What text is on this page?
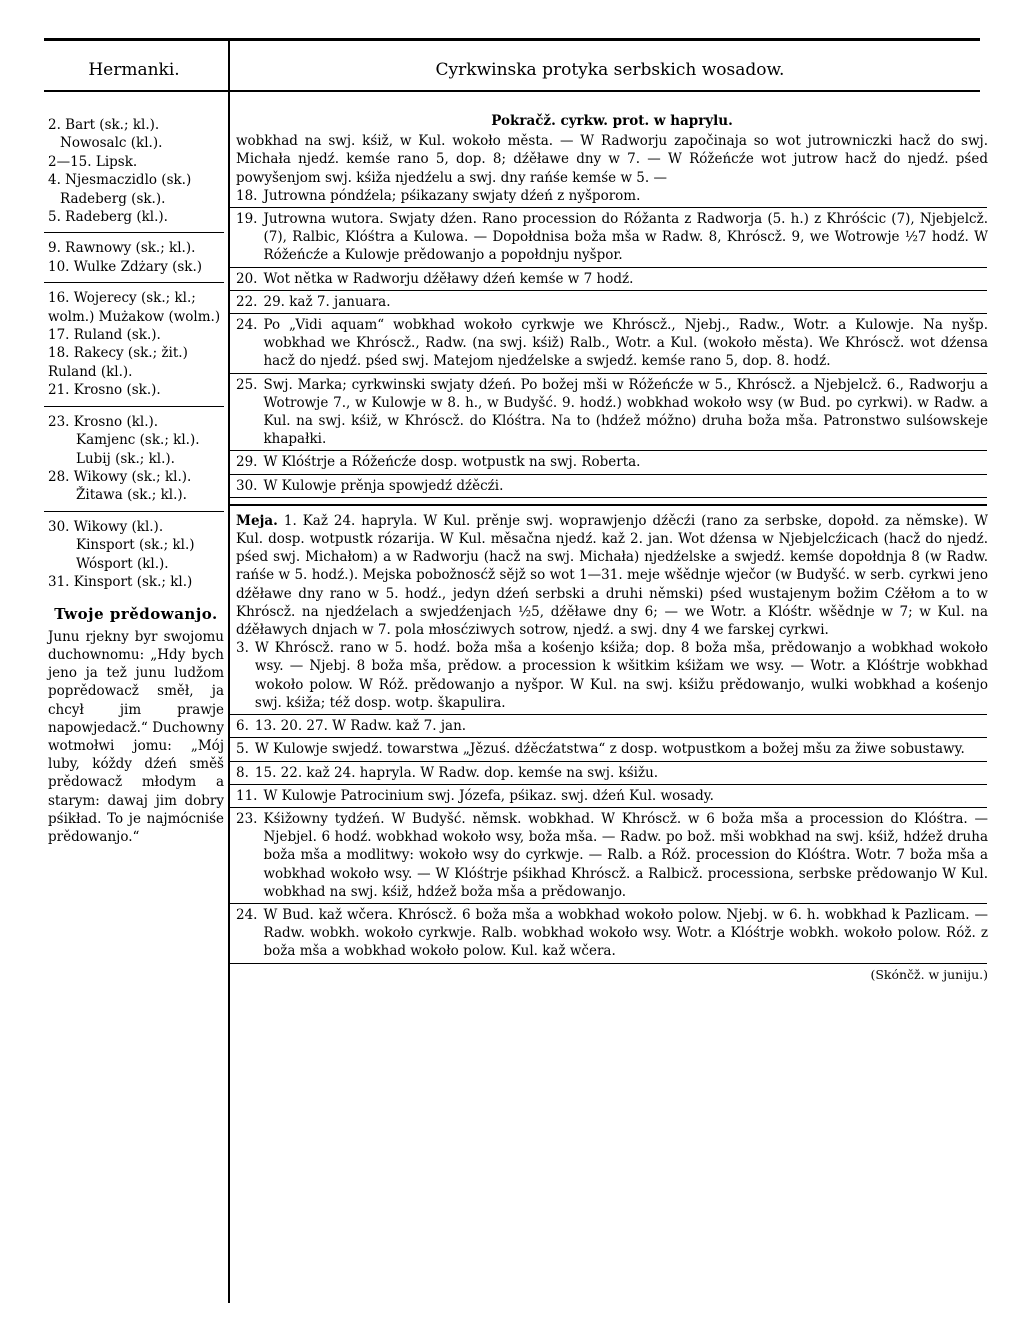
Hermanki.	Cyrkwinska protyka serbskich wosadow.
2. Bart (sk.; kl.).
Nowosalc (kl.).
2—15. Lipsk.
4. Njesmaczidlo (sk.)
Radeberg (sk.).
5. Radeberg (kl.).
9. Rawnowy (sk.; kl.).
10. Wulke Zdżary (sk.)
16. Wojerecy (sk.; kl.; wolm.) Mużakow (wolm.)
17. Ruland (sk.).
18. Rakecy (sk.; žit.) Ruland (kl.).
21. Krosno (sk.).
23. Krosno (kl.).
Kamjenc (sk.; kl.).
Lubij (sk.; kl.).
28. Wikowy (sk.; kl.).
Žitawa (sk.; kl.).
30. Wikowy (kl.).
Kinsport (sk.; kl.)
Wósport (kl.).
31. Kinsport (sk.; kl.)
Twoje prědowanjo.
Junu rjekny byr swojomu duchownomu: „Hdy bych jeno ja tež junu ludžom poprědowacž směł, ja chcył jim prawje napowjedacž.“ Duchowny wotmołwi jomu: „Mój luby, kóždy dźeń směš prědowacž młodym a starym: dawaj jim dobry pśikład. To je najmócniśe prědowanjo.“
Pokračž. cyrkw. prot. w haprylu.
wobkhad na swj. kśiž, w Kul. wokoło města. — W Radworju započinaja so wot jutrowniczki hacž do swj. Michała njedź. kemśe rano 5, dop. 8; dźěławe dny w 7. — W Róžeńcźe wot jutrow hacž do njedź. pśed powyšenjom swj. kśiža njedźelu a swj. dny rańśe kemśe w 5. —
18. Jutrowna póndźela; pśikazany swjaty dźeń z nyšporom.
19. Jutrowna wutora. Swjaty dźen. Rano procession do Róžanta z Radworja (5. h.) z Khróścic (7), Njebjelcž. (7), Ralbic, Klóśtra a Kulowa. — Dopołdnisa boža mša w Radw. 8, Khróscž. 9, we Wotrowje ½7 hodź. W Róžeńcźe a Kulowje prědowanjo a popołdnju nyšpor.
20. Wot nětka w Radworju dźěławy dźeń kemśe w 7 hodź.
22. 29. kaž 7. januara.
24. Po „Vidi aquam“ wobkhad wokoło cyrkwje we Khróscž., Njebj., Radw., Wotr. a Kulowje. Na nyšp. wobkhad we Khróscž., Radw. (na swj. kśiž) Ralb., Wotr. a Kul. (wokoło města). We Khróscž. wot dźensa hacž do njedź. pśed swj. Matejom njedźelske a swjedź. kemśe rano 5, dop. 8. hodź.
25. Swj. Marka; cyrkwinski swjaty dźeń. Po božej mši w Róžeńcźe w 5., Khróscž. a Njebjelcž. 6., Radworju a Wotrowje 7., w Kulowje w 8. h., w Budyšć. 9. hodź.) wobkhad wokoło wsy (w Bud. po cyrkwi). w Radw. a Kul. na swj. kśiž, w Khróscž. do Klóśtra. Na to (hdźež móžno) druha boža mša. Patronstwo sulśowskeje khapałki.
29. W Klóśtrje a Róžeńcźe dosp. wotpustk na swj. Roberta.
30. W Kulowje prěnja spowjedź dźěcźi.
Meja. 1. Kaž 24. hapryla. W Kul. prěnje swj. woprawjenjo dźěcźi (rano za serbske, dopołd. za němske). W Kul. dosp. wotpustk rózarija. W Kul. měsačna njedź. kaž 2. jan. Wot dźensa w Njebjelcźicach (hacž do njedź. pśed swj. Michałom) a w Radworju (hacž na swj. Michała) njedźelske a swjedź. kemśe dopołdnja 8 (w Radw. rańśe w 5. hodź.). Mejska pobožnosćž sějž so wot 1—31. meje wšědnje wječor (w Budyšć. w serb. cyrkwi jeno dźěławe dny rano w 5. hodź., jedyn dźeń serbski a druhi němski) pśed wustajenym božim Cźěłom a to w Khróscž. na njedźelach a swjedźenjach ½5, dźěławe dny 6; — we Wotr. a Klóśtr. wšědnje w 7; w Kul. na dźěławych dnjach w 7. pola młosćziwych sotrow, njedź. a swj. dny 4 we farskej cyrkwi.
3. W Khróscž. rano w 5. hodź. boža mša a kośenjo kśiža; dop. 8 boža mša, prědowanjo a wobkhad wokoło wsy. — Njebj. 8 boža mša, prědow. a procession k wšitkim kśižam we wsy. — Wotr. a Klóśtrje wobkhad wokoło polow. W Róž. prědowanjo a nyšpor. W Kul. na swj. kśižu prědowanjo, wulki wobkhad a kośenjo swj. kśiža; též dosp. wotp. škapulira.
6. 13. 20. 27. W Radw. kaž 7. jan.
5. W Kulowje swjedź. towarstwa „Jězuś. dźěcźatstwa“ z dosp. wotpustkom a božej mšu za žiwe sobustawy.
8. 15. 22. kaž 24. hapryla. W Radw. dop. kemśe na swj. kśižu.
11. W Kulowje Patrocinium swj. Józefa, pśikaz. swj. dźeń Kul. wosady.
23. Kśižowny tydźeń. W Budyšć. němsk. wobkhad. W Khróscž. w 6 boža mša a procession do Klóśtra. — Njebjel. 6 hodź. wobkhad wokoło wsy, boža mša. — Radw. po bož. mši wobkhad na swj. kśiž, hdźež druha boža mša a modlitwy: wokoło wsy do cyrkwje. — Ralb. a Róž. procession do Klóśtra. Wotr. 7 boža mša a wobkhad wokoło wsy. — W Klóśtrje pśikhad Khróscž. a Ralbicž. processiona, serbske prědowanjo W Kul. wobkhad na swj. kśiž, hdźež boža mša a prědowanjo.
24. W Bud. kaž wčera. Khróscž. 6 boža mša a wobkhad wokoło polow. Njebj. w 6. h. wobkhad k Pazlicam. — Radw. wobkh. wokoło cyrkwje. Ralb. wobkhad wokoło wsy. Wotr. a Klóśtrje wobkh. wokoło polow. Róž. z boža mša a wobkhad wokoło polow. Kul. kaž wčera.
(Skónčž. w juniju.)
